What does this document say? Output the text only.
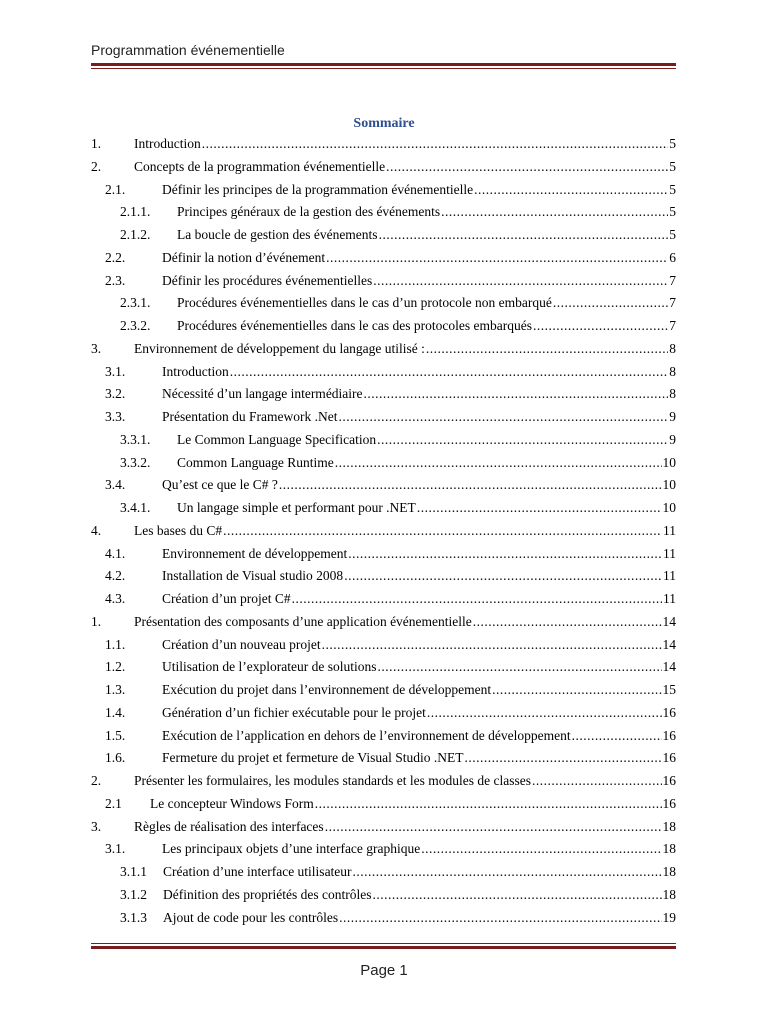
Programmation événementielle
Sommaire
1.	Introduction .....	5
2.	Concepts de la programmation événementielle .....	5
2.1.	Définir les principes de la programmation événementielle .....	5
2.1.1.	Principes généraux de la gestion des événements .....	5
2.1.2.	La boucle de gestion des événements .....	5
2.2.	Définir la notion d’événement .....	6
2.3.	Définir les procédures événementielles .....	7
2.3.1.	Procédures événementielles dans le cas d’un protocole non embarqué .....	7
2.3.2.	Procédures événementielles dans le cas des protocoles embarqués .....	7
3.	Environnement de développement du langage utilisé : .....	8
3.1.	Introduction .....	8
3.2.	Nécessité d’un langage intermédiaire .....	8
3.3.	Présentation du Framework .Net .....	9
3.3.1.	Le Common Language Specification .....	9
3.3.2.	Common Language Runtime .....	10
3.4.	Qu’est ce que le C# ? .....	10
3.4.1.	Un langage simple et performant pour .NET .....	10
4.	Les bases du C# .....	11
4.1.	Environnement de développement .....	11
4.2.	Installation de Visual studio 2008 .....	11
4.3.	Création d’un projet C# .....	11
1.	Présentation des composants d’une application événementielle .....	14
1.1.	Création d’un nouveau projet .....	14
1.2.	Utilisation de l’explorateur de solutions .....	14
1.3.	Exécution du projet dans l’environnement de développement .....	15
1.4.	Génération d’un fichier exécutable pour le projet .....	16
1.5.	Exécution de l’application en dehors de l’environnement de développement .....	16
1.6.	Fermeture du projet et fermeture de Visual Studio .NET .....	16
2.	Présenter les formulaires, les modules standards et les modules de classes .....	16
2.1	Le concepteur Windows Form .....	16
3.	Règles de réalisation des interfaces .....	18
3.1.	Les principaux objets d’une interface graphique .....	18
3.1.1	Création d’une interface utilisateur .....	18
3.1.2	Définition des propriétés des contrôles .....	18
3.1.3	Ajout de code pour les contrôles .....	19
Page 1
